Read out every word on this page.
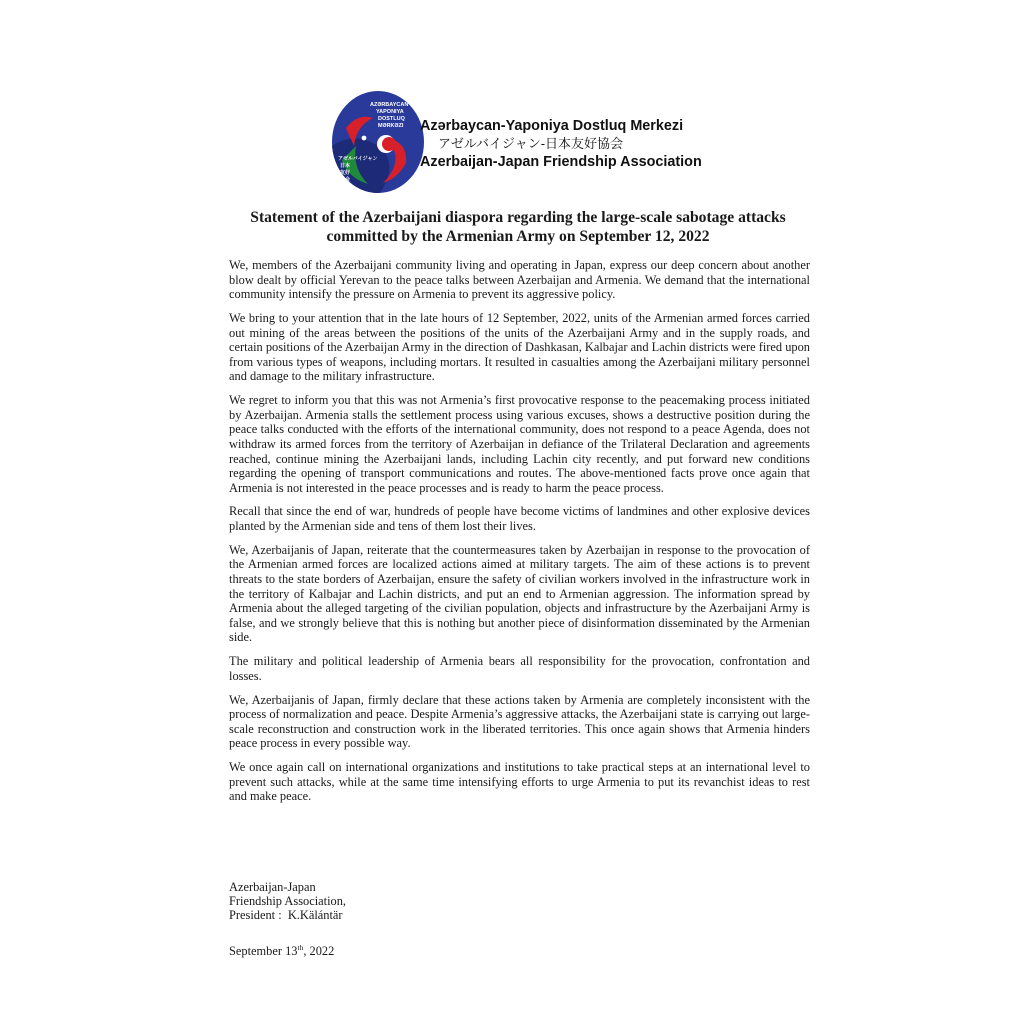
AZƏRBAYCAN
YAPONIYA
DOSTLUQ
MƏRKƏZI
アゼルバイジャン
日本
友好
協会
Azərbaycan-Yaponiya Dostluq Merkezi
アゼルバイジャン-日本友好協会
Azerbaijan-Japan Friendship Association
Statement of the Azerbaijani diaspora regarding the large-scale sabotage attacks
committed by the Armenian Army on September 12, 2022

We, members of the Azerbaijani community living and operating in Japan, express our deep concern about another blow dealt by official Yerevan to the peace talks between Azerbaijan and Armenia. We demand that the international community intensify the pressure on Armenia to prevent its aggressive policy.

We bring to your attention that in the late hours of 12 September, 2022, units of the Armenian armed forces carried out mining of the areas between the positions of the units of the Azerbaijani Army and in the supply roads, and certain positions of the Azerbaijan Army in the direction of Dashkasan, Kalbajar and Lachin districts were fired upon from various types of weapons, including mortars. It resulted in casualties among the Azerbaijani military personnel and damage to the military infrastructure.

We regret to inform you that this was not Armenia’s first provocative response to the peacemaking process initiated by Azerbaijan. Armenia stalls the settlement process using various excuses, shows a destructive position during the peace talks conducted with the efforts of the international community, does not respond to a peace Agenda, does not withdraw its armed forces from the territory of Azerbaijan in defiance of the Trilateral Declaration and agreements reached, continue mining the Azerbaijani lands, including Lachin city recently, and put forward new conditions regarding the opening of transport communications and routes. The above-mentioned facts prove once again that Armenia is not interested in the peace processes and is ready to harm the peace process.

Recall that since the end of war, hundreds of people have become victims of landmines and other explosive devices planted by the Armenian side and tens of them lost their lives.

We, Azerbaijanis of Japan, reiterate that the countermeasures taken by Azerbaijan in response to the provocation of the Armenian armed forces are localized actions aimed at military targets. The aim of these actions is to prevent threats to the state borders of Azerbaijan, ensure the safety of civilian workers involved in the infrastructure work in the territory of Kalbajar and Lachin districts, and put an end to Armenian aggression. The information spread by Armenia about the alleged targeting of the civilian population, objects and infrastructure by the Azerbaijani Army is false, and we strongly believe that this is nothing but another piece of disinformation disseminated by the Armenian side.

The military and political leadership of Armenia bears all responsibility for the provocation, confrontation and losses.

We, Azerbaijanis of Japan, firmly declare that these actions taken by Armenia are completely inconsistent with the process of normalization and peace. Despite Armenia’s aggressive attacks, the Azerbaijani state is carrying out large-scale reconstruction and construction work in the liberated territories. This once again shows that Armenia hinders peace process in every possible way.

We once again call on international organizations and institutions to take practical steps at an international level to prevent such attacks, while at the same time intensifying efforts to urge Armenia to put its revanchist ideas to rest and make peace.

Azerbaijan-Japan
Friendship Association,
President :  K.Kälántär
September 13th, 2022
